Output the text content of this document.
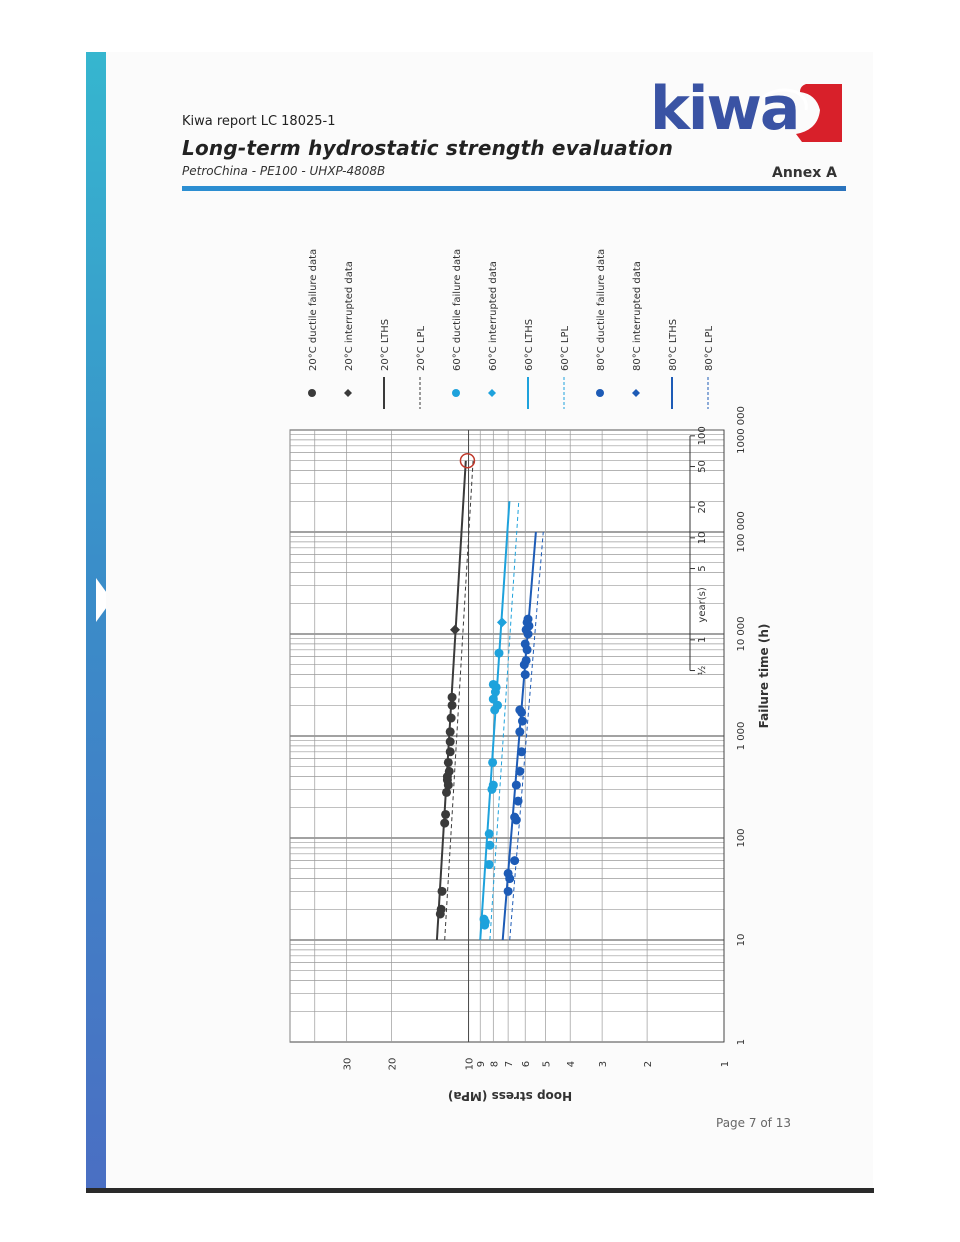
Kiwa report LC 18025-1
Long-term hydrostatic strength evaluation
PetroChina - PE100 - UHXP-4808B	Annex A
kiwa
1
10
100
1 000
10 000
100 000
1000 000
1
2
3
4
5
6
7
8
9
10
20
30
½
1
5
10
20
50
100
year(s)
20°C ductile failure data	20°C interrupted data	20°C LTHS	20°C LPL	60°C ductile failure data	60°C interrupted data	60°C LTHS	60°C LPL	80°C ductile failure data	80°C interrupted data	80°C LTHS	80°C LPL
Failure time (h)
Hoop stress (MPa)
Page 7 of 13
